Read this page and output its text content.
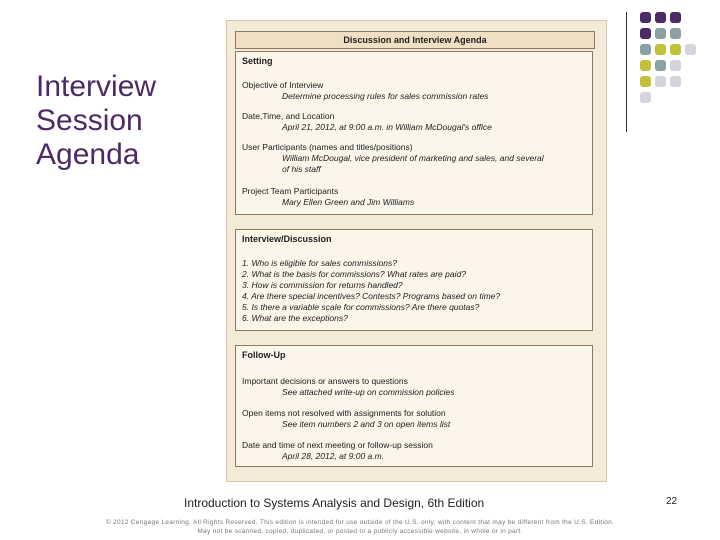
Interview
Session
Agenda
Discussion and Interview Agenda
Setting
Objective of Interview
Determine processing rules for sales commission rates
Date,Time, and Location
April 21, 2012, at 9:00 a.m. in William McDougal's office
User Participants (names and titles/positions)
William McDougal, vice president of marketing and sales, and several of his staff
Project Team Participants
Mary Ellen Green and Jim Williams
Interview/Discussion
1. Who is eligible for sales commissions?
2. What is the basis for commissions? What rates are paid?
3. How is commission for returns handled?
4. Are there special incentives? Contests? Programs based on time?
5. Is there a variable scale for commissions? Are there quotas?
6. What are the exceptions?
Follow-Up
Important decisions or answers to questions
See attached write-up on commission policies
Open items not resolved with assignments for solution
See item numbers 2 and 3 on open items list
Date and time of next meeting or follow-up session
April 28, 2012, at 9:00 a.m.
Introduction to Systems Analysis and Design, 6th Edition	22
© 2012 Cengage Learning. All Rights Reserved. This edition is intended for use outside of the U.S. only, with content that may be different from the U.S. Edition.
May not be scanned, copied, duplicated, or posted to a publicly accessible website, in whole or in part.
